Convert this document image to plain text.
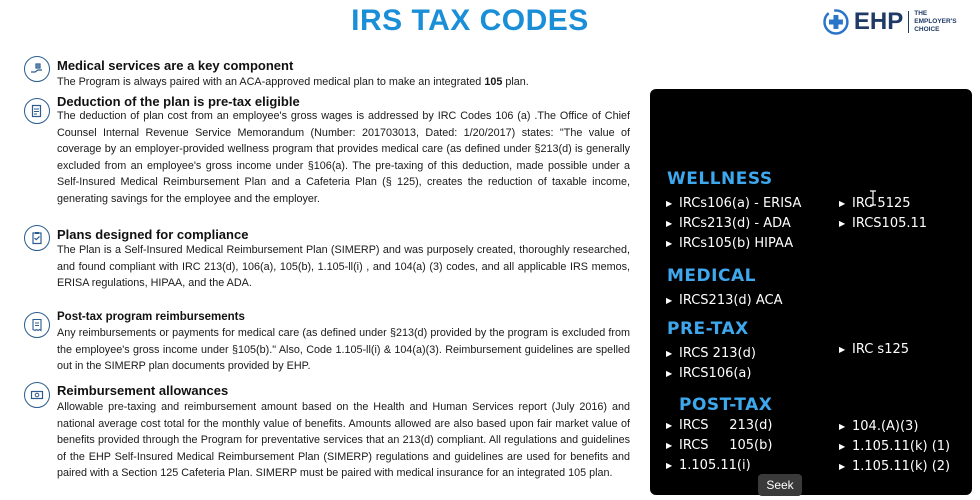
IRS TAX CODES	EHP THE
EMPLOYER'S
CHOICE
Medical services are a key component
The Program is always paired with an ACA-approved medical plan to make an integrated 105 plan.
Deduction of the plan is pre-tax eligible
The deduction of plan cost from an employee's gross wages is addressed by IRC Codes 106 (a) .The Office of Chief Counsel Internal Revenue Service Memorandum (Number: 201703013, Dated: 1/20/2017) states: "The value of coverage by an employer-provided wellness program that provides medical care (as defined under §213(d) is generally excluded from an employee's gross income under §106(a). The pre-taxing of this deduction, made possible under a Self-Insured Medical Reimbursement Plan and a Cafeteria Plan (§ 125), creates the reduction of taxable income, generating savings for the employee and the employer.
Plans designed for compliance
The Plan is a Self-Insured Medical Reimbursement Plan (SIMERP) and was purposely created, thoroughly researched, and found compliant with IRC 213(d), 106(a), 105(b), 1.105-ll(i) , and 104(a) (3) codes, and all applicable IRS memos, ERISA regulations, HIPAA, and the ADA.
Post-tax program reimbursements
Any reimbursements or payments for medical care (as defined under §213(d) provided by the program is excluded from the employee's gross income under §105(b)." Also, Code 1.105-ll(i) & 104(a)(3). Reimbursement guidelines are spelled out in the SIMERP plan documents provided by EHP.
Reimbursement allowances
Allowable pre-taxing and reimbursement amount based on the Health and Human Services report (July 2016) and national average cost total for the monthly value of benefits. Amounts allowed are also based upon fair market value of benefits provided through the Program for preventative services that an 213(d) compliant. All regulations and guidelines of the EHP Self-Insured Medical Reimbursement Plan (SIMERP) regulations and guidelines are used for benefits and paired with a Section 125 Cafeteria Plan. SIMERP must be paired with medical insurance for an integrated 105 plan.
WELLNESS
▶ IRCs106(a) - ERISA
▶ IRCs213(d) - ADA
▶ IRCs105(b) HIPAA
▶ IRC 5125
▶ IRCS105.11
MEDICAL
▶ IRCS213(d) ACA
PRE-TAX
▶ IRCS 213(d)
▶ IRCS106(a)
▶ IRC s125
POST-TAX
▶ IRCS     213(d)
▶ IRCS     105(b)
▶ 1.105.11(i)
▶ 104.(A)(3)
▶ 1.105.11(k) (1)
▶ 1.105.11(k) (2)
Seek
